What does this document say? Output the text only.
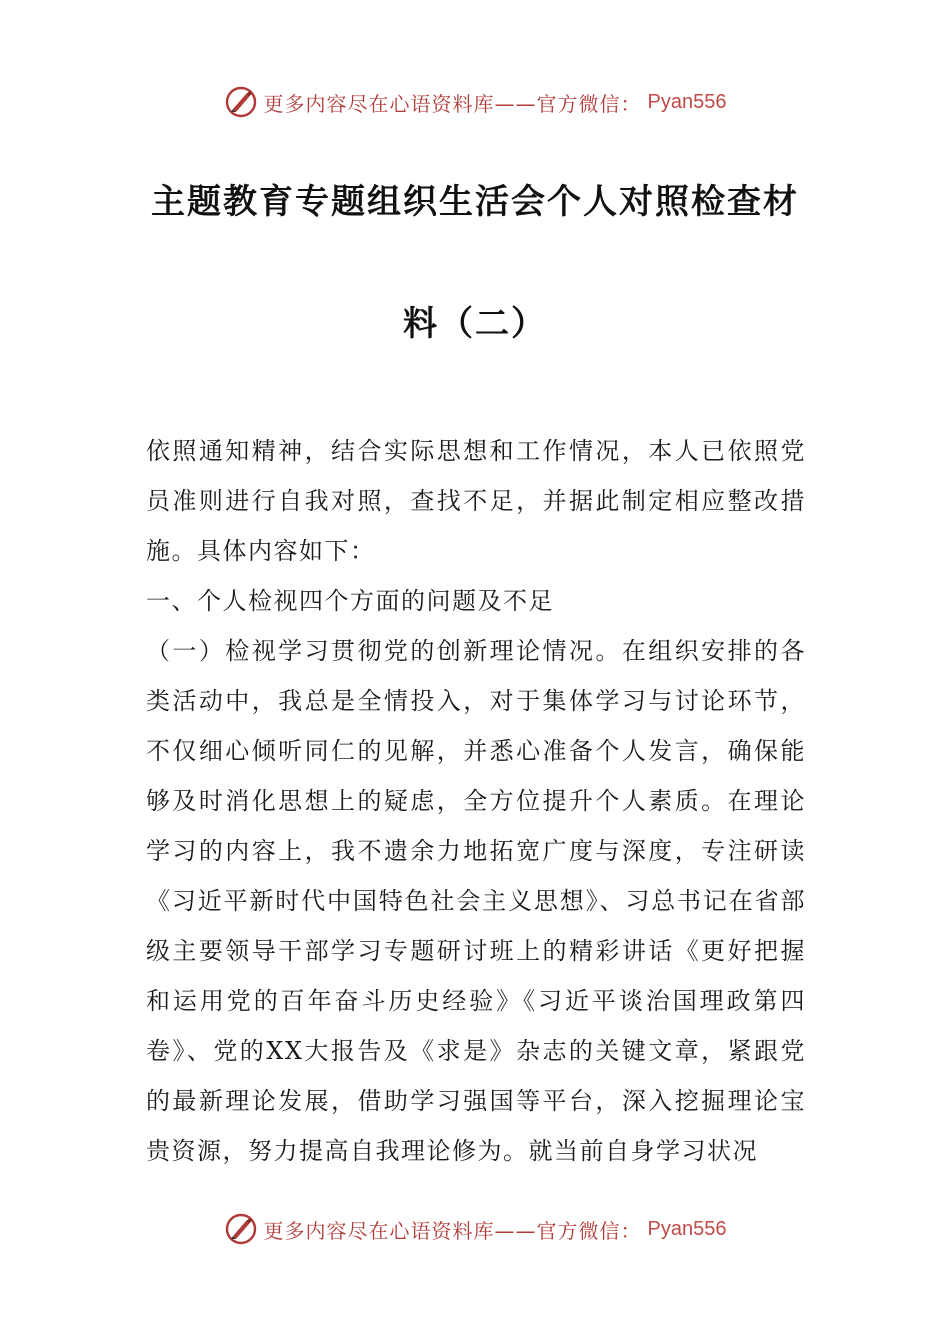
更多内容尽在心语资料库——官方微信： Pyan556
主题教育专题组织生活会个人对照检查材
料（二）

依照通知精神，结合实际思想和工作情况，本人已依照党员准则进行自我对照，查找不足，并据此制定相应整改措施。具体内容如下：

一、个人检视四个方面的问题及不足

（一）检视学习贯彻党的创新理论情况。在组织安排的各类活动中，我总是全情投入，对于集体学习与讨论环节，不仅细心倾听同仁的见解，并悉心准备个人发言，确保能够及时消化思想上的疑虑，全方位提升个人素质。在理论学习的内容上，我不遗余力地拓宽广度与深度，专注研读《习近平新时代中国特色社会主义思想》、习总书记在省部级主要领导干部学习专题研讨班上的精彩讲话《更好把握和运用党的百年奋斗历史经验》《习近平谈治国理政第四卷》、党的XX大报告及《求是》杂志的关键文章，紧跟党的最新理论发展，借助学习强国等平台，深入挖掘理论宝贵资源，努力提高自我理论修为。就当前自身学习状况

更多内容尽在心语资料库——官方微信： Pyan556
